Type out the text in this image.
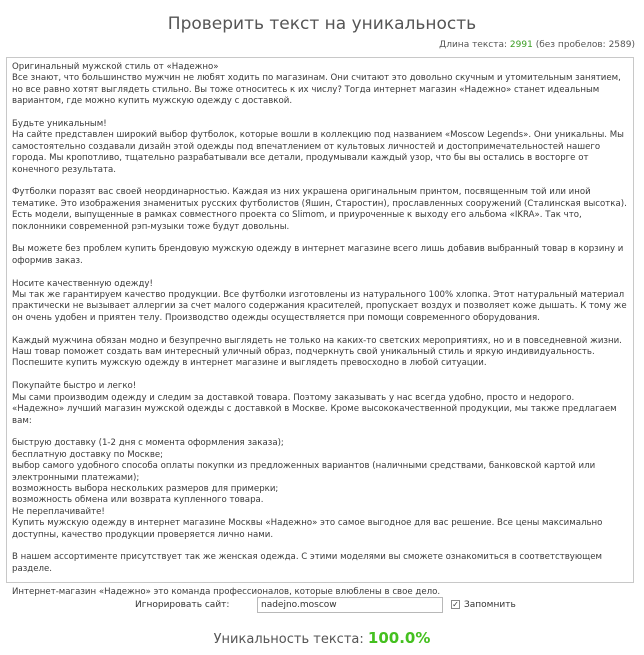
Проверить текст на уникальность
Длина текста: 2991 (без пробелов: 2589)

Оригинальный мужской стиль от «Надежно»
Все знают, что большинство мужчин не любят ходить по магазинам. Они считают это довольно скучным и утомительным занятием, но все равно хотят выглядеть стильно. Вы тоже относитесь к их числу? Тогда интернет магазин «Надежно» станет идеальным вариантом, где можно купить мужскую одежду с доставкой.

Будьте уникальным!
На сайте представлен широкий выбор футболок, которые вошли в коллекцию под названием «Moscow Legends». Они уникальны. Мы самостоятельно создавали дизайн этой одежды под впечатлением от культовых личностей и достопримечательностей нашего города. Мы кропотливо, тщательно разрабатывали все детали, продумывали каждый узор, что бы вы остались в восторге от конечного результата.

Футболки поразят вас своей неординарностью. Каждая из них украшена оригинальным принтом, посвященным той или иной тематике. Это изображения знаменитых русских футболистов (Яшин, Старостин), прославленных сооружений (Сталинская высотка). Есть модели, выпущенные в рамках совместного проекта со Slimom, и приуроченные к выходу его альбома «IKRA». Так что, поклонники современной рэп-музыки тоже будут довольны.

Вы можете без проблем купить брендовую мужскую одежду в интернет магазине всего лишь добавив выбранный товар в корзину и оформив заказ.

Носите качественную одежду!
Мы так же гарантируем качество продукции. Все футболки изготовлены из натурального 100% хлопка. Этот натуральный материал практически не вызывает аллергии за счет малого содержания красителей, пропускает воздух и позволяет коже дышать. К тому же он очень удобен и приятен телу. Производство одежды осуществляется при помощи современного оборудования.

Каждый мужчина обязан модно и безупречно выглядеть не только на каких-то светских мероприятиях, но и в повседневной жизни. Наш товар поможет создать вам интересный уличный образ, подчеркнуть свой уникальный стиль и яркую индивидуальность. Поспешите купить мужскую одежду в интернет магазине и выглядеть превосходно в любой ситуации.

Покупайте быстро и легко!
Мы сами производим одежду и следим за доставкой товара. Поэтому заказывать у нас всегда удобно, просто и недорого. «Надежно» лучший магазин мужской одежды с доставкой в Москве. Кроме высококачественной продукции, мы также предлагаем вам:

быструю доставку (1-2 дня с момента оформления заказа);
бесплатную доставку по Москве;
выбор самого удобного способа оплаты покупки из предложенных вариантов (наличными средствами, банковской картой или электронными платежами);
возможность выбора нескольких размеров для примерки;
возможность обмена или возврата купленного товара.
Не переплачивайте!
Купить мужскую одежду в интернет магазине Москвы «Надежно» это самое выгодное для вас решение. Все цены максимально доступны, качество продукции проверяется лично нами.

В нашем ассортименте присутствует так же женская одежда. С этими моделями вы сможете ознакомиться в соответствующем разделе.

Интернет-магазин «Надежно» это команда профессионалов, которые влюблены в свое дело.

Игнорировать сайт:
nadejno.moscow	✓ Запомнить
Уникальность текста: 100.0%
